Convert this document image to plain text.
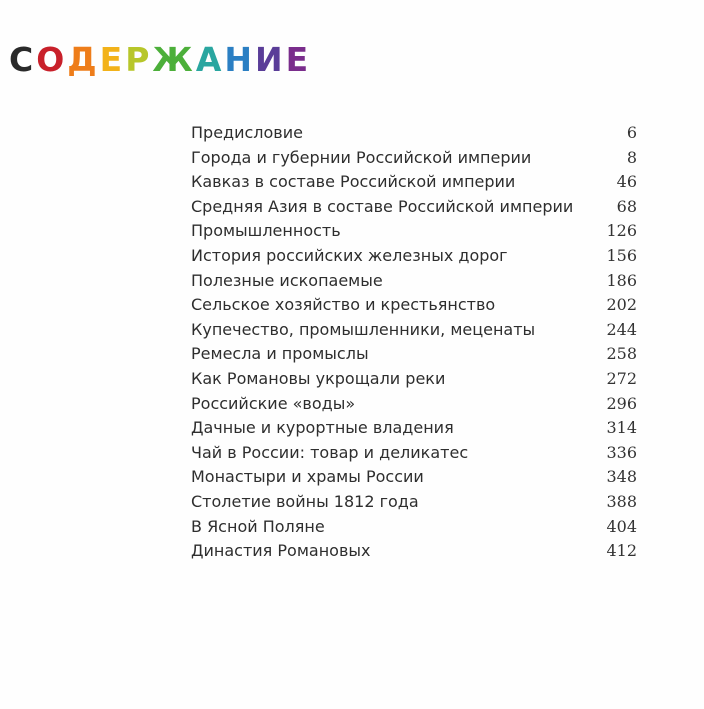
СОДЕРЖАНИЕ
Предисловие	6
Города и губернии Российской империи	8
Кавказ в составе Российской империи	46
Средняя Азия в составе Российской империи	68
Промышленность	126
История российских железных дорог	156
Полезные ископаемые	186
Сельское хозяйство и крестьянство	202
Купечество, промышленники, меценаты	244
Ремесла и промыслы	258
Как Романовы укрощали реки	272
Российские «воды»	296
Дачные и курортные владения	314
Чай в России: товар и деликатес	336
Монастыри и храмы России	348
Столетие войны 1812 года	388
В Ясной Поляне	404
Династия Романовых	412
